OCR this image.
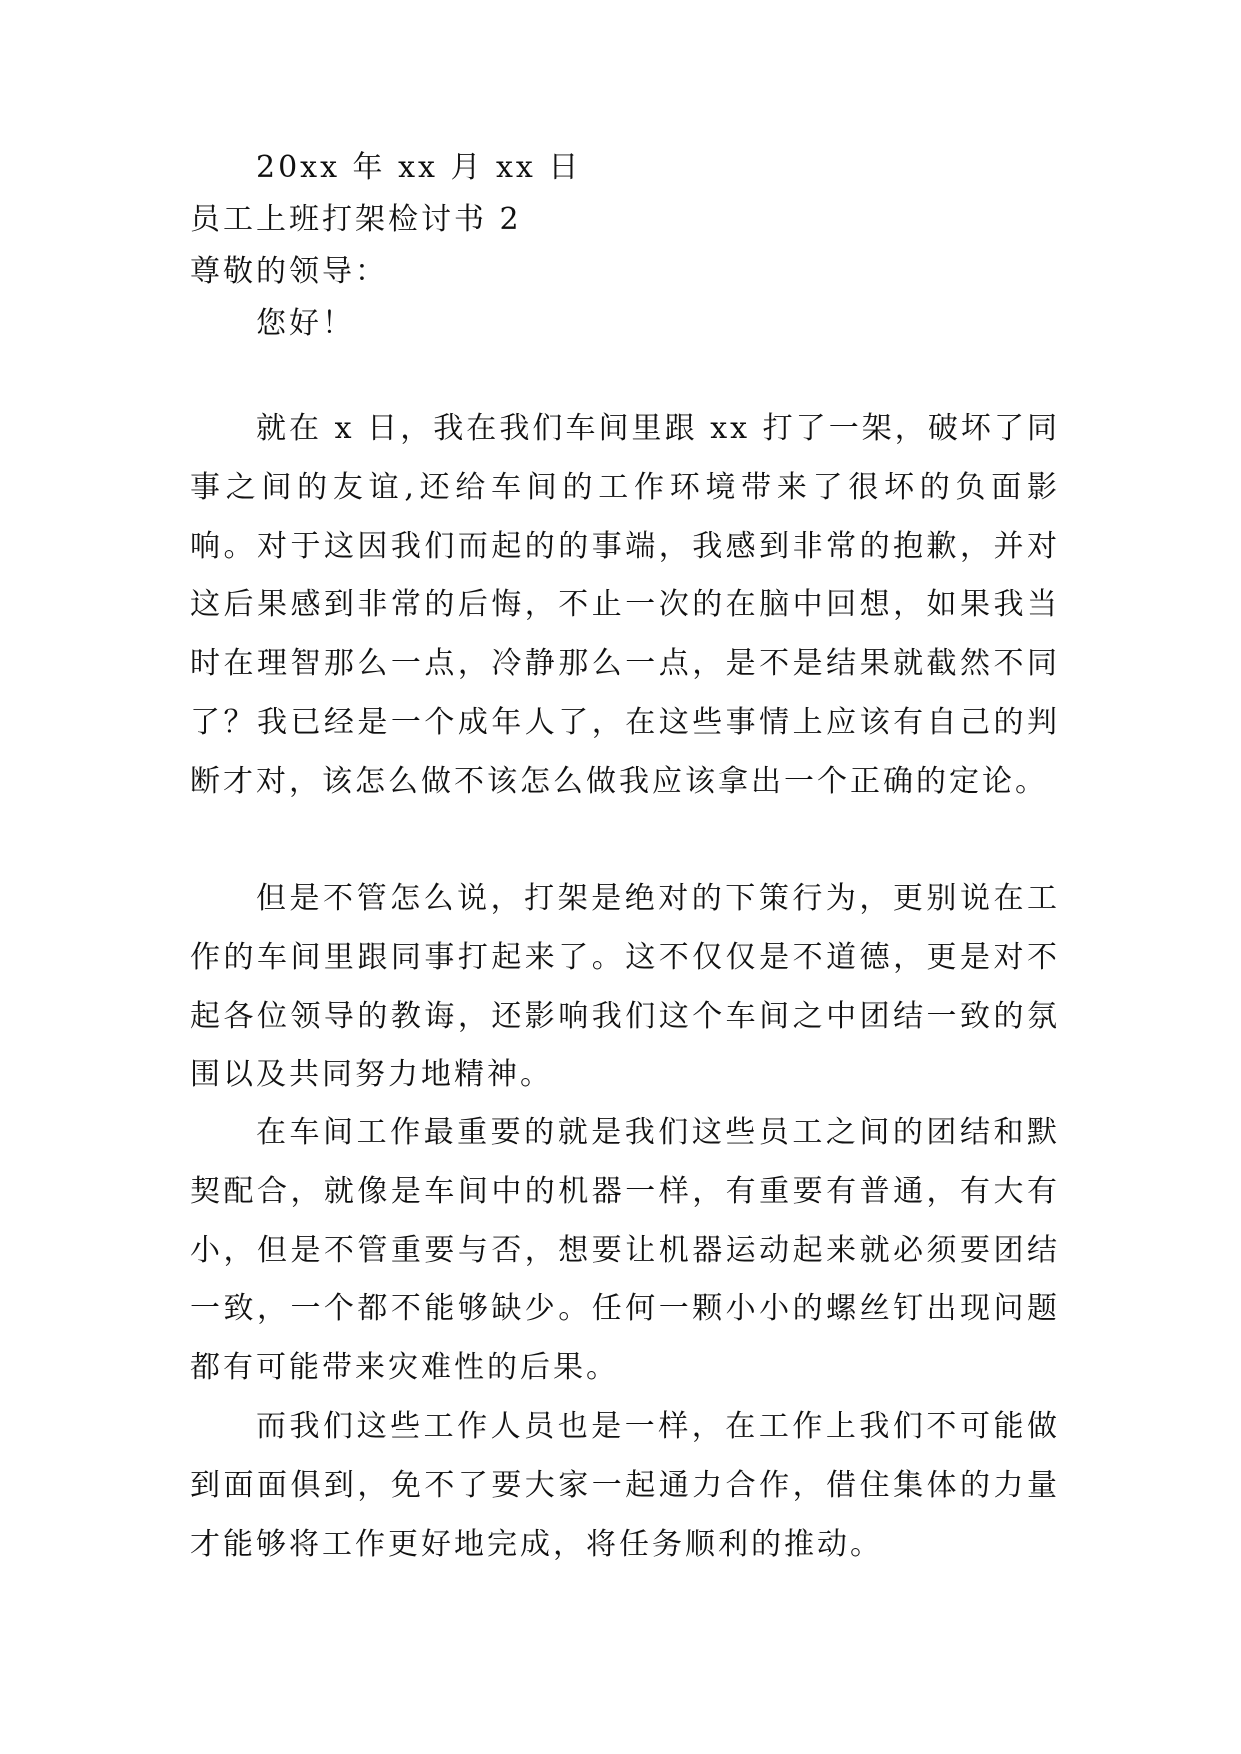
20xx 年 xx 月 xx 日
员工上班打架检讨书 2
尊敬的领导：
您好！
就在 x 日，我在我们车间里跟 xx 打了一架，破坏了同事之间的友谊,还给车间的工作环境带来了很坏的负面影响。对于这因我们而起的的事端，我感到非常的抱歉，并对这后果感到非常的后悔，不止一次的在脑中回想，如果我当时在理智那么一点，冷静那么一点，是不是结果就截然不同了？我已经是一个成年人了，在这些事情上应该有自己的判断才对，该怎么做不该怎么做我应该拿出一个正确的定论。
但是不管怎么说，打架是绝对的下策行为，更别说在工作的车间里跟同事打起来了。这不仅仅是不道德，更是对不起各位领导的教诲，还影响我们这个车间之中团结一致的氛围以及共同努力地精神。
在车间工作最重要的就是我们这些员工之间的团结和默契配合，就像是车间中的机器一样，有重要有普通，有大有小，但是不管重要与否，想要让机器运动起来就必须要团结一致，一个都不能够缺少。任何一颗小小的螺丝钉出现问题都有可能带来灾难性的后果。
而我们这些工作人员也是一样，在工作上我们不可能做到面面俱到，免不了要大家一起通力合作，借住集体的力量才能够将工作更好地完成，将任务顺利的推动。
